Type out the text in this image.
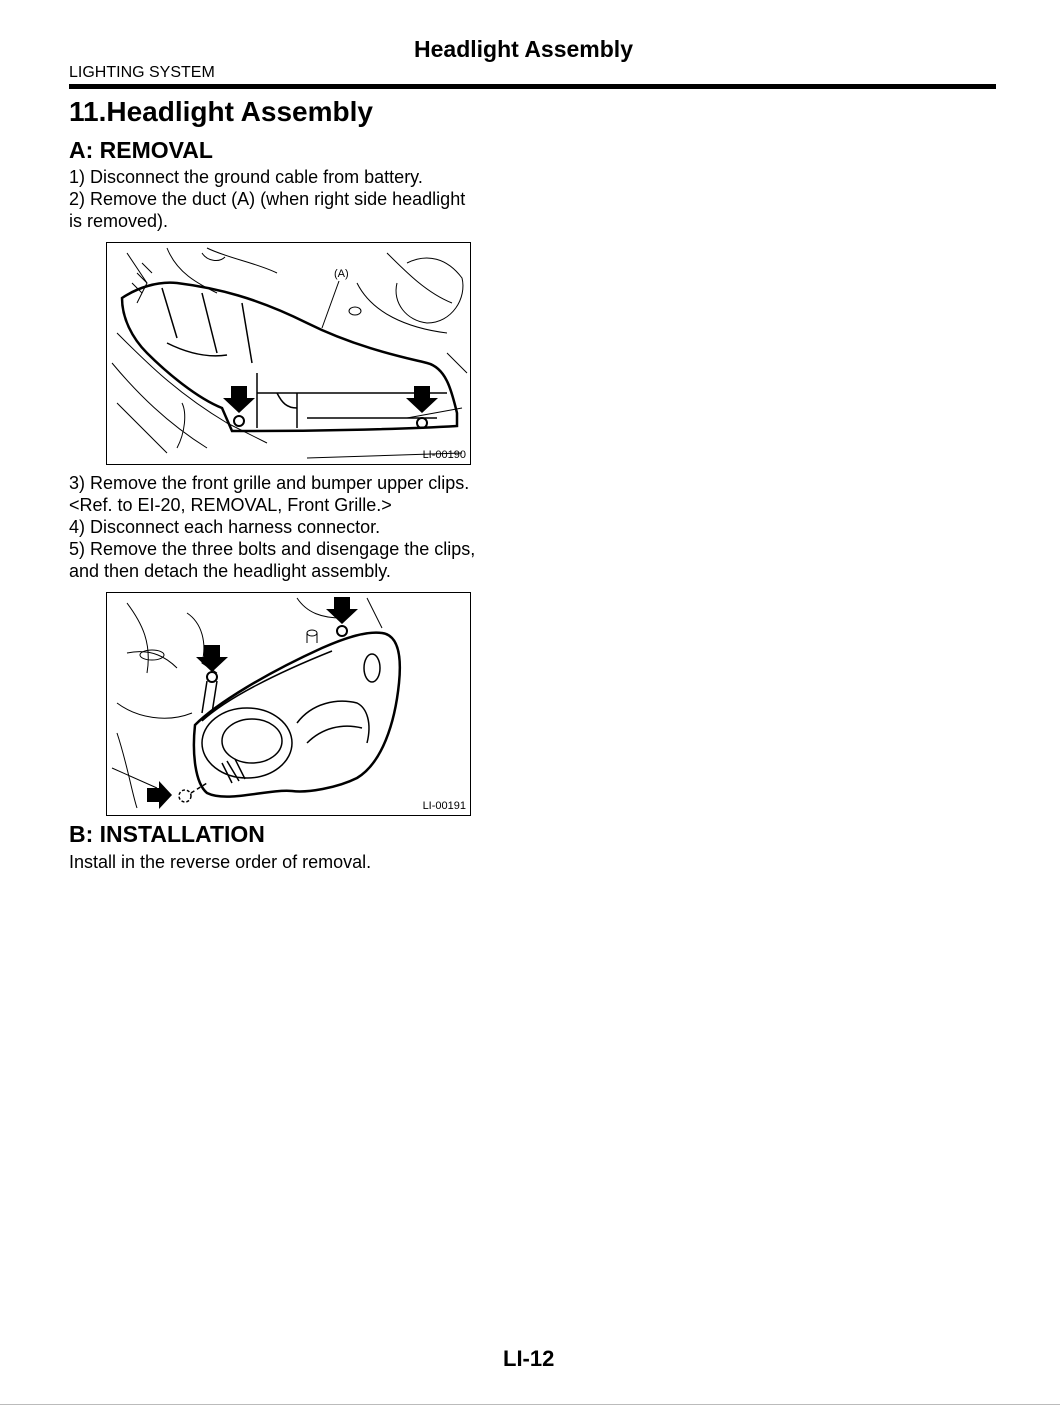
Headlight Assembly
LIGHTING SYSTEM
11.Headlight Assembly
A: REMOVAL
1) Disconnect the ground cable from battery.
2) Remove the duct (A) (when right side headlight
is removed).
(A)
LI-00190
3) Remove the front grille and bumper upper clips.
<Ref. to EI-20, REMOVAL, Front Grille.>
4) Disconnect each harness connector.
5) Remove the three bolts and disengage the clips,
and then detach the headlight assembly.
LI-00191
B: INSTALLATION
Install in the reverse order of removal.
LI-12
